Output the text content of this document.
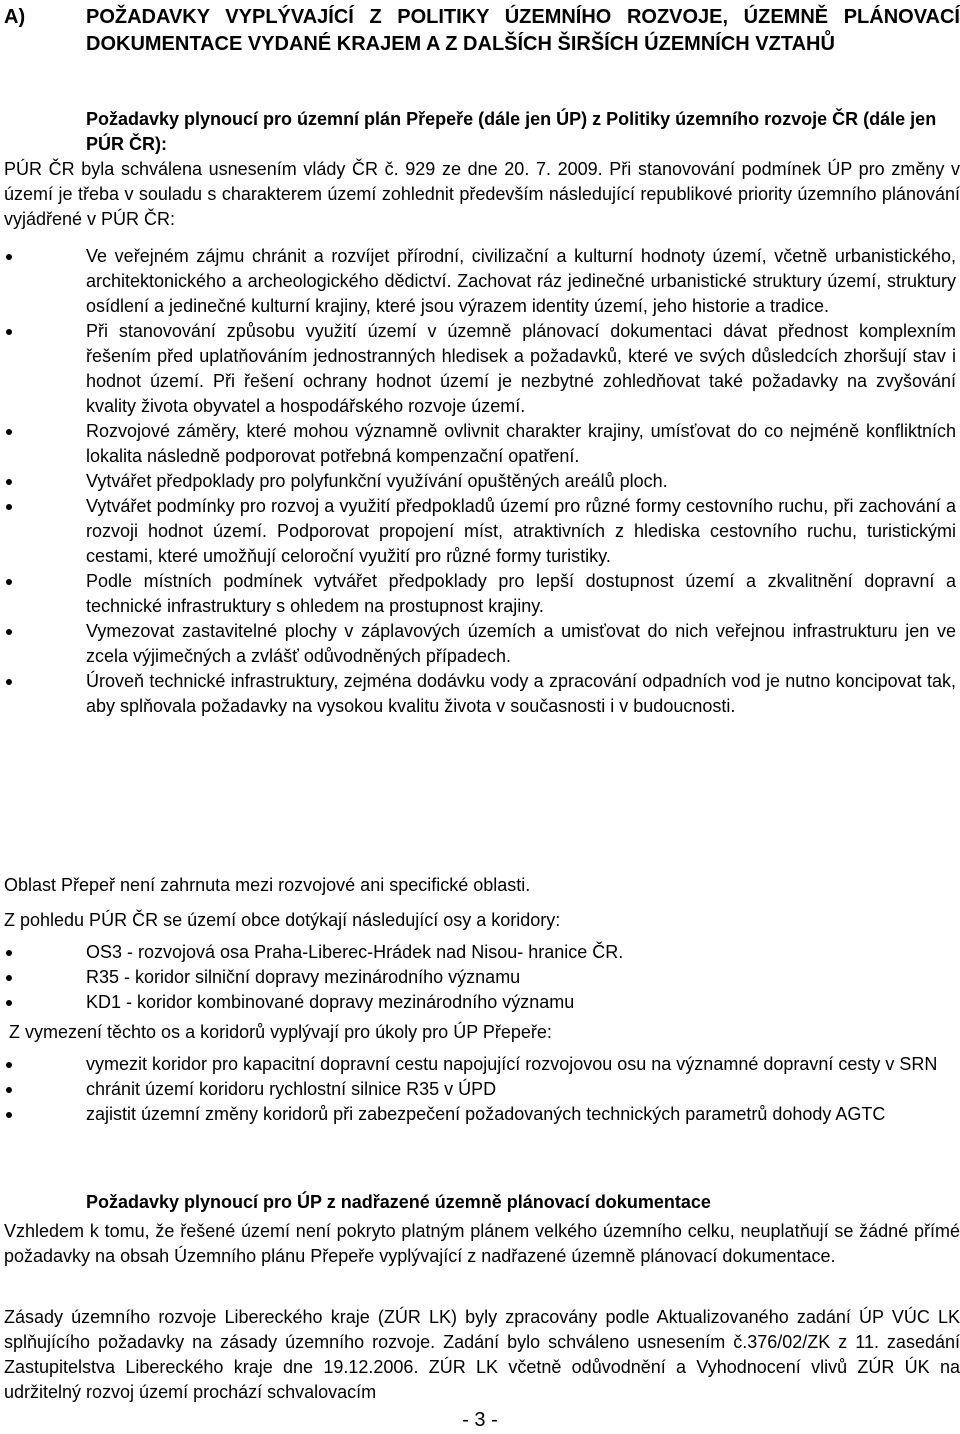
A)	POŽADAVKY VYPLÝVAJÍCÍ Z POLITIKY ÚZEMNÍHO ROZVOJE, ÚZEMNĚ PLÁNOVACÍ DOKUMENTACE VYDANÉ KRAJEM A Z DALŠÍCH ŠIRŠÍCH ÚZEMNÍCH VZTAHŮ
Požadavky plynoucí pro územní plán Přepeře (dále jen ÚP) z Politiky územního rozvoje ČR (dále jen PÚR ČR):
PÚR ČR byla schválena usnesením vlády ČR č. 929 ze dne 20. 7. 2009. Při stanovování podmínek ÚP pro změny v území je třeba v souladu s charakterem území zohlednit především následující republikové priority územního plánování vyjádřené v PÚR ČR:
Ve veřejném zájmu chránit a rozvíjet přírodní, civilizační a kulturní hodnoty území, včetně urbanistického, architektonického a archeologického dědictví. Zachovat ráz jedinečné urbanistické struktury území, struktury osídlení a jedinečné kulturní krajiny, které jsou výrazem identity území, jeho historie a tradice.
Při stanovování způsobu využití území v územně plánovací dokumentaci dávat přednost komplexním řešením před uplatňováním jednostranných hledisek a požadavků, které ve svých důsledcích zhoršují stav i hodnot území. Při řešení ochrany hodnot území je nezbytné zohledňovat také požadavky na zvyšování kvality života obyvatel a hospodářského rozvoje území.
Rozvojové záměry, které mohou významně ovlivnit charakter krajiny, umísťovat do co nejméně konfliktních lokalita následně podporovat potřebná kompenzační opatření.
Vytvářet předpoklady pro polyfunkční využívání opuštěných areálů ploch.
Vytvářet podmínky pro rozvoj a využití předpokladů území pro různé formy cestovního ruchu, při zachování a rozvoji hodnot území. Podporovat propojení míst, atraktivních z hlediska cestovního ruchu, turistickými cestami, které umožňují celoroční využití pro různé formy turistiky.
Podle místních podmínek vytvářet předpoklady pro lepší dostupnost území a zkvalitnění dopravní a technické infrastruktury s ohledem na prostupnost krajiny.
Vymezovat zastavitelné plochy v záplavových územích a umisťovat do nich veřejnou infrastrukturu jen ve zcela výjimečných a zvlášť odůvodněných případech.
Úroveň technické infrastruktury, zejména dodávku vody a zpracování odpadních vod je nutno koncipovat tak, aby splňovala požadavky na vysokou kvalitu života v současnosti i v budoucnosti.
Oblast Přepeř není zahrnuta mezi rozvojové ani specifické oblasti.
Z pohledu PÚR ČR se území obce dotýkají následující osy a koridory:
OS3 - rozvojová osa Praha-Liberec-Hrádek nad Nisou- hranice ČR.
R35 - koridor silniční dopravy mezinárodního významu
KD1 - koridor kombinované dopravy mezinárodního významu
Z vymezení těchto os a koridorů vyplývají pro úkoly pro ÚP Přepeře:
vymezit koridor pro kapacitní dopravní cestu napojující rozvojovou osu na významné dopravní cesty v SRN
chránit území koridoru rychlostní silnice R35 v ÚPD
zajistit územní změny koridorů při zabezpečení požadovaných technických parametrů dohody AGTC
Požadavky plynoucí pro ÚP z nadřazené územně plánovací dokumentace
Vzhledem k tomu, že řešené území není pokryto platným plánem velkého územního celku, neuplatňují se žádné přímé požadavky na obsah Územního plánu Přepeře vyplývající z nadřazené územně plánovací dokumentace.
Zásady územního rozvoje Libereckého kraje (ZÚR LK) byly zpracovány podle Aktualizovaného zadání ÚP VÚC LK splňujícího požadavky na zásady územního rozvoje. Zadání bylo schváleno usnesením č.376/02/ZK z 11. zasedání Zastupitelstva Libereckého kraje dne 19.12.2006. ZÚR LK včetně odůvodnění a Vyhodnocení vlivů ZÚR ÚK na udržitelný rozvoj území prochází schvalovacím
- 3 -
